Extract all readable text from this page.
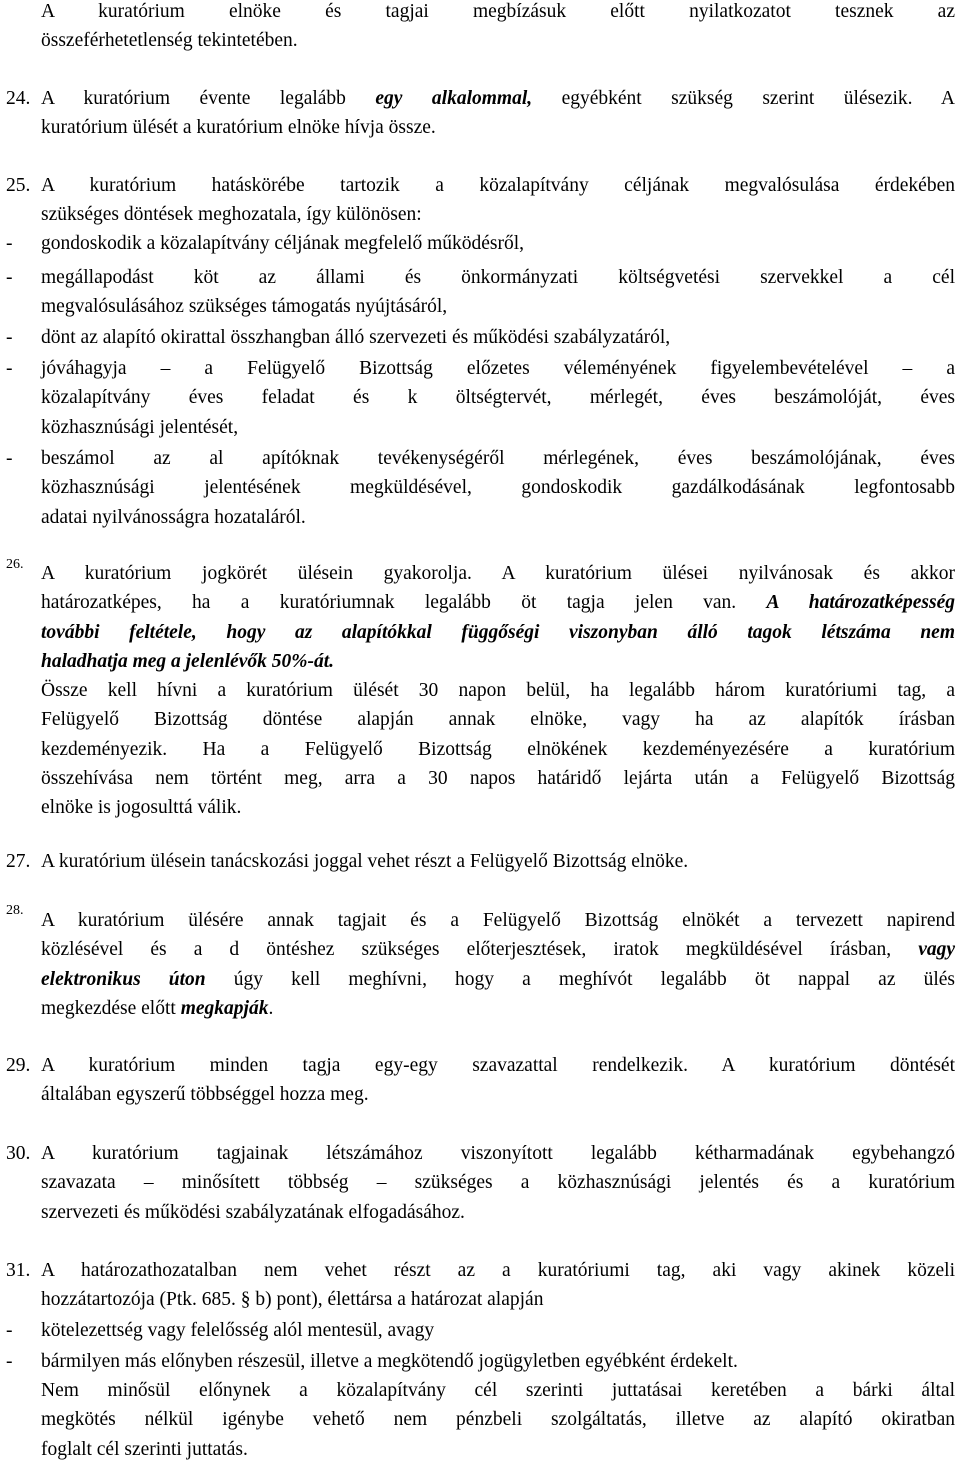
A kuratórium elnöke és tagjai megbízásuk előtt nyilatkozatot tesznek az
összeférhetetlenség tekintetében.
24. A kuratórium évente legalább egy alkalommal, egyébként szükség szerint ülésezik. A
kuratórium ülését a kuratórium elnöke hívja össze.
25. A kuratórium hatáskörébe tartozik a közalapítvány céljának megvalósulása érdekében
szükséges döntések meghozatala, így különösen:
- gondoskodik a közalapítvány céljának megfelelő működésről,
- megállapodást köt az állami és önkormányzati költségvetési szervekkel a cél
megvalósulásához szükséges támogatás nyújtásáról,
- dönt az alapító okirattal összhangban álló szervezeti és működési szabályzatáról,
- jóváhagyja – a Felügyelő Bizottság előzetes véleményének figyelembevételével – a
közalapítvány éves feladat és k öltségtervét, mérlegét, éves beszámolóját, éves
közhasznúsági jelentését,
- beszámol az al apítóknak tevékenységéről mérlegének, éves beszámolójának, éves
közhasznúsági jelentésének megküldésével, gondoskodik gazdálkodásának legfontosabb
adatai nyilvánosságra hozataláról.
26. A kuratórium jogkörét ülésein gyakorolja. A kuratórium ülései nyilvánosak és akkor
határozatképes, ha a kuratóriumnak legalább öt tagja jelen van. A határozatképesség
további feltétele, hogy az alapítókkal függőségi viszonyban álló tagok létszáma nem
haladhatja meg a jelenlévők 50%-át.
Össze kell hívni a kuratórium ülését 30 napon belül, ha legalább három kuratóriumi tag, a
Felügyelő Bizottság döntése alapján annak elnöke, vagy ha az alapítók írásban
kezdeményezik. Ha a Felügyelő Bizottság elnökének kezdeményezésére a kuratórium
összehívása nem történt meg, arra a 30 napos határidő lejárta után a Felügyelő Bizottság
elnöke is jogosulttá válik.
27. A kuratórium ülésein tanácskozási joggal vehet részt a Felügyelő Bizottság elnöke.
28. A kuratórium ülésére annak tagjait és a Felügyelő Bizottság elnökét a tervezett napirend
közlésével és a d öntéshez szükséges előterjesztések, iratok megküldésével írásban, vagy
elektronikus úton úgy kell meghívni, hogy a meghívót legalább öt nappal az ülés
megkezdése előtt megkapják.
29. A kuratórium minden tagja egy-egy szavazattal rendelkezik. A kuratórium döntését
általában egyszerű többséggel hozza meg.
30. A kuratórium tagjainak létszámához viszonyított legalább kétharmadának egybehangzó
szavazata – minősített többség – szükséges a közhasznúsági jelentés és a kuratórium
szervezeti és működési szabályzatának elfogadásához.
31. A határozathozatalban nem vehet részt az a kuratóriumi tag, aki vagy akinek közeli
hozzátartozója (Ptk. 685. § b) pont), élettársa a határozat alapján
- kötelezettség vagy felelősség alól mentesül, avagy
- bármilyen más előnyben részesül, illetve a megkötendő jogügyletben egyébként érdekelt.
Nem minősül előnynek a közalapítvány cél szerinti juttatásai keretében a bárki által
megkötés nélkül igénybe vehető nem pénzbeli szolgáltatás, illetve az alapító okiratban
foglalt cél szerinti juttatás.
